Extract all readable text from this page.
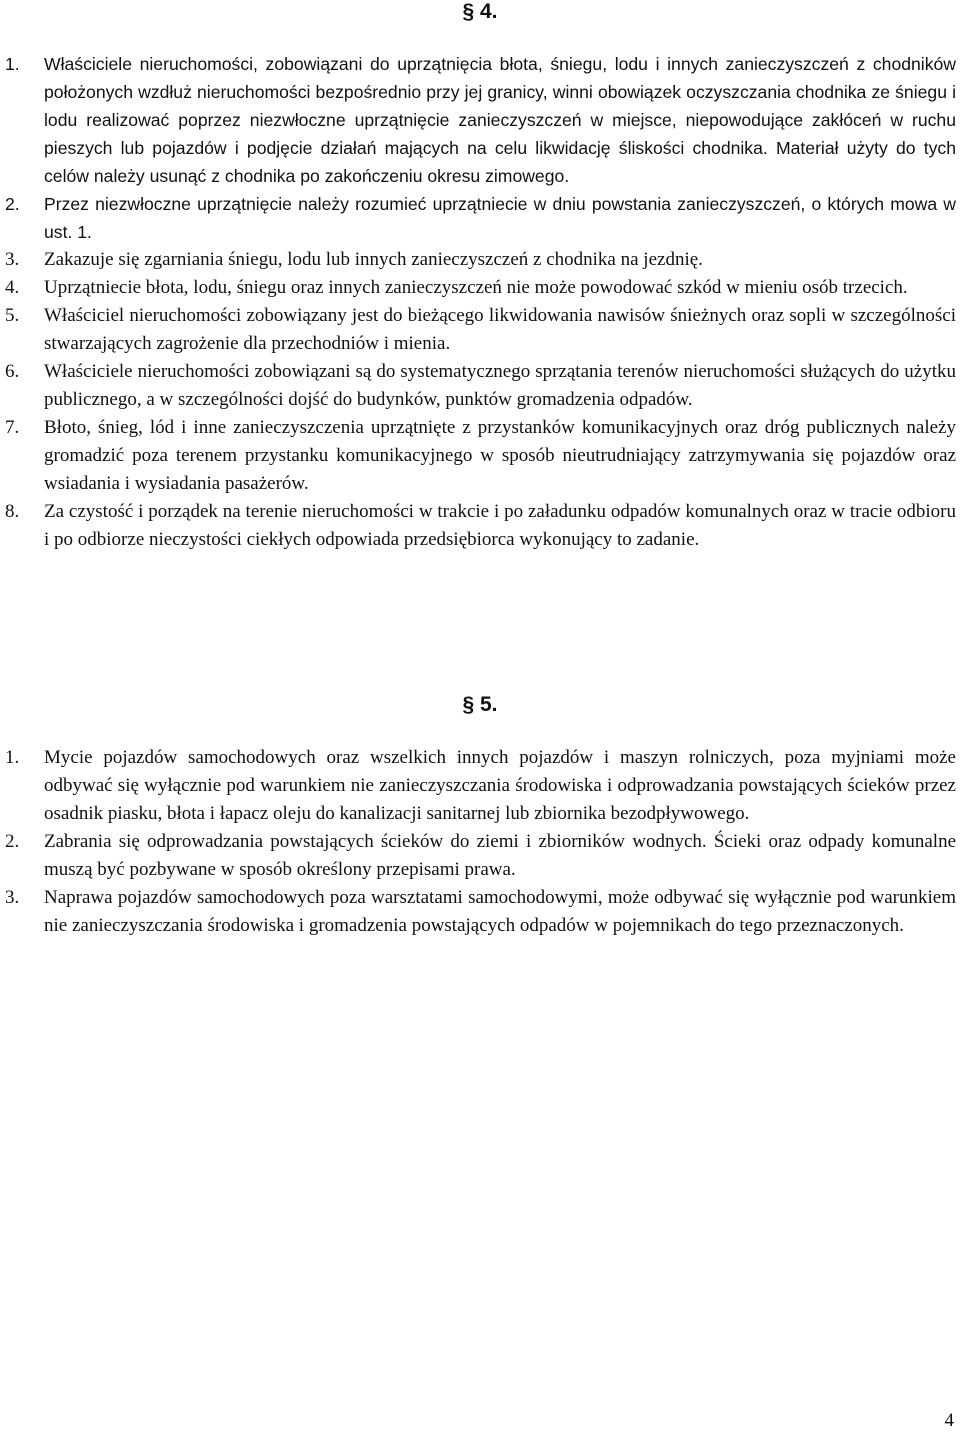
§ 4.
1.	Właściciele nieruchomości, zobowiązani do uprzątnięcia błota, śniegu, lodu i innych zanieczyszczeń z chodników położonych wzdłuż nieruchomości bezpośrednio przy jej granicy, winni obowiązek oczyszczania chodnika ze śniegu i lodu realizować poprzez niezwłoczne uprzątnięcie zanieczyszczeń w miejsce, niepowodujące zakłóceń w ruchu pieszych lub pojazdów i podjęcie działań mających na celu likwidację śliskości chodnika. Materiał użyty do tych celów należy usunąć z chodnika po zakończeniu okresu zimowego.
2.	Przez niezwłoczne uprzątnięcie należy rozumieć uprzątniecie w dniu powstania zanieczyszczeń, o których mowa w ust. 1.
3.	Zakazuje się zgarniania śniegu, lodu lub innych zanieczyszczeń z chodnika na jezdnię.
4.	Uprzątniecie błota, lodu, śniegu oraz innych zanieczyszczeń nie może powodować szkód w mieniu osób trzecich.
5.	Właściciel nieruchomości zobowiązany jest do bieżącego likwidowania nawisów śnieżnych oraz sopli w szczególności stwarzających zagrożenie dla przechodniów i mienia.
6.	Właściciele nieruchomości zobowiązani są do systematycznego sprzątania terenów nieruchomości służących do użytku publicznego, a w szczególności dojść do budynków, punktów gromadzenia odpadów.
7.	Błoto, śnieg, lód i inne zanieczyszczenia uprzątnięte z przystanków komunikacyjnych oraz dróg publicznych należy gromadzić poza terenem przystanku komunikacyjnego w sposób nieutrudniający zatrzymywania się pojazdów oraz wsiadania i wysiadania pasażerów.
8.	Za czystość i porządek na terenie nieruchomości w trakcie i po załadunku odpadów komunalnych oraz w tracie odbioru i po odbiorze nieczystości ciekłych odpowiada przedsiębiorca wykonujący to zadanie.
§ 5.
1.	Mycie pojazdów samochodowych oraz wszelkich innych pojazdów i maszyn rolniczych, poza myjniami może odbywać się wyłącznie pod warunkiem nie zanieczyszczania środowiska i odprowadzania powstających ścieków przez osadnik piasku, błota i łapacz oleju do kanalizacji sanitarnej lub zbiornika bezodpływowego.
2.	Zabrania się odprowadzania powstających ścieków do ziemi i zbiorników wodnych. Ścieki oraz odpady komunalne muszą być pozbywane w sposób określony przepisami prawa.
3.	Naprawa pojazdów samochodowych poza warsztatami samochodowymi, może odbywać się wyłącznie pod warunkiem nie zanieczyszczania środowiska i gromadzenia powstających odpadów w pojemnikach do tego przeznaczonych.
4
